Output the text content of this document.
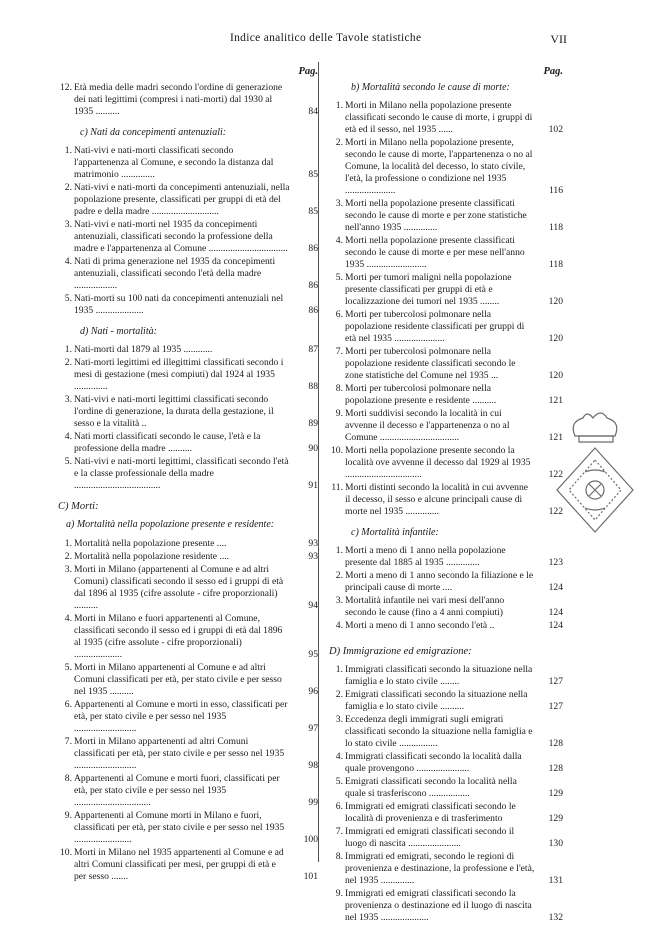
Indice analitico delle Tavole statistiche	VII
Pag.
12. Età media delle madri secondo l'ordine di generazione dei nati legittimi (compresi i nati-morti) dal 1930 al 1935 ..........	84
c) Nati da concepimenti antenuziali:
1. Nati-vivi e nati-morti classificati secondo l'appartenenza al Comune, e secondo la distanza dal matrimonio ..............	85
2. Nati-vivi e nati-morti da concepimenti antenuziali, nella popolazione presente, classificati per gruppi di età del padre e della madre ............................	85
3. Nati-vivi e nati-morti nel 1935 da concepimenti antenuziali, classificati secondo la professione della madre e l'appartenenza al Comune .................................	86
4. Nati di prima generazione nel 1935 da concepimenti antenuziali, classificati secondo l'età della madre ..................	86
5. Nati-morti su 100 nati da concepimenti antenuziali nel 1935 ....................	86
d) Nati - mortalità:
1. Nati-morti dal 1879 al 1935 ............	87
2. Nati-morti legittimi ed illegittimi classificati secondo i mesi di gestazione (mesi compiuti) dal 1924 al 1935 ..............	88
3. Nati-vivi e nati-morti legittimi classificati secondo l'ordine di generazione, la durata della gestazione, il sesso e la vitalità ..	89
4. Nati morti classificati secondo le cause, l'età e la professione della madre ..........	90
5. Nati-vivi e nati-morti legittimi, classificati secondo l'età e la classe professionale della madre ....................................	91
C) Morti:
a) Mortalità nella popolazione presente e residente:
1. Mortalità nella popolazione presente ....	93
2. Mortalità nella popolazione residente ....	93
3. Morti in Milano (appartenenti al Comune e ad altri Comuni) classificati secondo il sesso ed i gruppi di età dal 1896 al 1935 (cifre assolute - cifre proporzionali) ..........	94
4. Morti in Milano e fuori appartenenti al Comune, classificati secondo il sesso ed i gruppi di età dal 1896 al 1935 (cifre assolute - cifre proporzionali) ....................	95
5. Morti in Milano appartenenti al Comune e ad altri Comuni classificati per età, per stato civile e per sesso nel 1935 ..........	96
6. Appartenenti al Comune e morti in esso, classificati per età, per stato civile e per sesso nel 1935 ..........................	97
7. Morti in Milano appartenenti ad altri Comuni classificati per età, per stato civile e per sesso nel 1935 ..........................	98
8. Appartenenti al Comune e morti fuori, classificati per età, per stato civile e per sesso nel 1935 ................................	99
9. Appartenenti al Comune morti in Milano e fuori, classificati per età, per stato civile e per sesso nel 1935 ........................	100
10. Morti in Milano nel 1935 appartenenti al Comune e ad altri Comuni classificati per mesi, per gruppi di età e per sesso .......	101
Pag.
b) Mortalità secondo le cause di morte:
1. Morti in Milano nella popolazione presente classificati secondo le cause di morte, i gruppi di età ed il sesso, nel 1935 ......	102
2. Morti in Milano nella popolazione presente, secondo le cause di morte, l'appartenenza o no al Comune, la località del decesso, lo stato civile, l'età, la professione o condizione nel 1935 .....................	116
3. Morti nella popolazione presente classificati secondo le cause di morte e per zone statistiche nell'anno 1935 ..............	118
4. Morti nella popolazione presente classificati secondo le cause di morte e per mese nell'anno 1935 .........................	118
5. Morti per tumori maligni nella popolazione presente classificati per gruppi di età e localizzazione dei tumori nel 1935 ........	120
6. Morti per tubercolosi polmonare nella popolazione residente classificati per gruppi di età nel 1935 .....................	120
7. Morti per tubercolosi polmonare nella popolazione residente classificati secondo le zone statistiche del Comune nel 1935 ...	120
8. Morti per tubercolosi polmonare nella popolazione presente e residente ..........	121
9. Morti suddivisi secondo la località in cui avvenne il decesso e l'appartenenza o no al Comune .................................	121
10. Morti nella popolazione presente secondo la località ove avvenne il decesso dal 1929 al 1935 ................................	122
11. Morti distinti secondo la località in cui avvenne il decesso, il sesso e alcune principali cause di morte nel 1935 ..............	122
c) Mortalità infantile:
1. Morti a meno di 1 anno nella popolazione presente dal 1885 al 1935 ..............	123
2. Morti a meno di 1 anno secondo la filiazione e le principali cause di morte ....	124
3. Mortalità infantile nei vari mesi dell'anno secondo le cause (fino a 4 anni compiuti)	124
4. Morti a meno di 1 anno secondo l'età ..	124
D) Immigrazione ed emigrazione:
1. Immigrati classificati secondo la situazione nella famiglia e lo stato civile ........	127
2. Emigrati classificati secondo la situazione nella famiglia e lo stato civile ..........	127
3. Eccedenza degli immigrati sugli emigrati classificati secondo la situazione nella famiglia e lo stato civile ................	128
4. Immigrati classificati secondo la località dalla quale provengono ......................	128
5. Emigrati classificati secondo la località nella quale si trasferiscono .................	129
6. Immigrati ed emigrati classificati secondo le località di provenienza e di trasferimento	129
7. Immigrati ed emigrati classificati secondo il luogo di nascita ......................	130
8. Immigrati ed emigrati, secondo le regioni di provenienza e destinazione, la professione e l'età, nel 1935 ..............	131
9. Immigrati ed emigrati classificati secondo la provenienza o destinazione ed il luogo di nascita nel 1935 ....................	132
